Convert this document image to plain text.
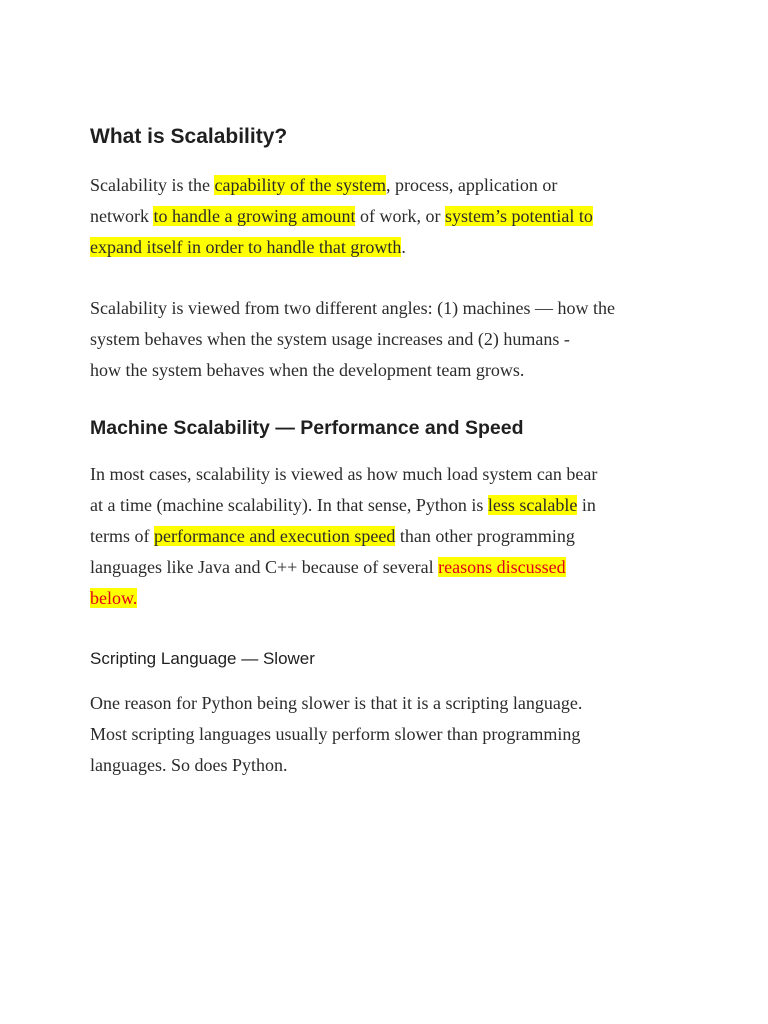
What is Scalability?

Scalability is the capability of the system, process, application or
network to handle a growing amount of work, or system’s potential to
expand itself in order to handle that growth.

Scalability is viewed from two different angles: (1) machines — how the
system behaves when the system usage increases and (2) humans -
how the system behaves when the development team grows.

Machine Scalability — Performance and Speed

In most cases, scalability is viewed as how much load system can bear
at a time (machine scalability). In that sense, Python is less scalable in
terms of performance and execution speed than other programming
languages like Java and C++ because of several reasons discussed
below.

Scripting Language — Slower

One reason for Python being slower is that it is a scripting language.
Most scripting languages usually perform slower than programming
languages. So does Python.
